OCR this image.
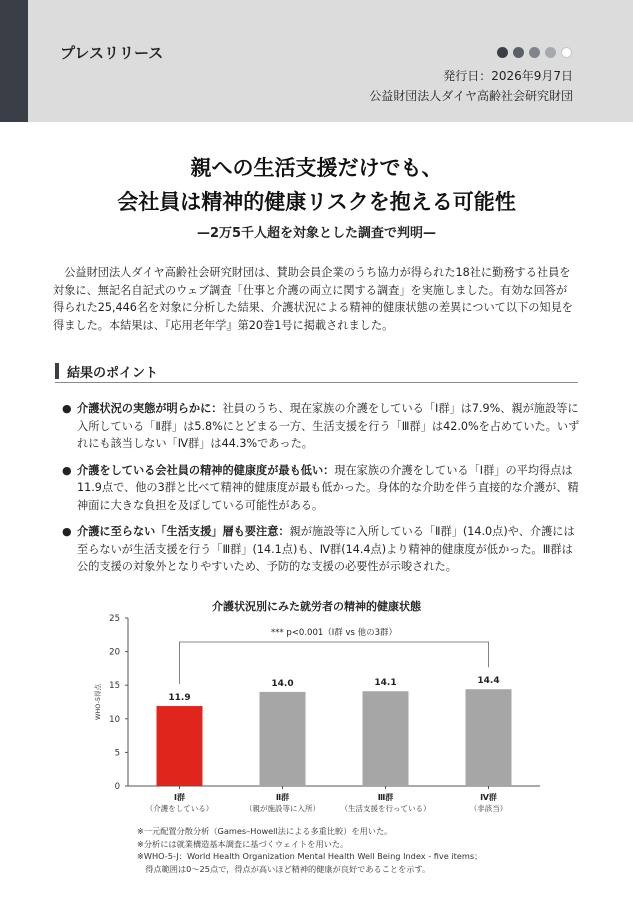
プレスリリース
発行日：2026年9月7日
公益財団法人ダイヤ高齢社会研究財団
親への生活支援だけでも、
会社員は精神的健康リスクを抱える可能性
—2万5千人超を対象とした調査で判明—
公益財団法人ダイヤ高齢社会研究財団は、賛助会員企業のうち協力が得られた18社に勤務する社員を対象に、無記名自記式のウェブ調査「仕事と介護の両立に関する調査」を実施しました。有効な回答が得られた25,446名を対象に分析した結果、介護状況による精神的健康状態の差異について以下の知見を得ました。本結果は、『応用老年学』第20巻1号に掲載されました。
結果のポイント
● 介護状況の実態が明らかに：社員のうち、現在家族の介護をしている「Ⅰ群」は7.9%、親が施設等に入所している「Ⅱ群」は5.8%にとどまる一方、生活支援を行う「Ⅲ群」は42.0%を占めていた。いずれにも該当しない「Ⅳ群」は44.3%であった。
● 介護をしている会社員の精神的健康度が最も低い：現在家族の介護をしている「Ⅰ群」の平均得点は11.9点で、他の3群と比べて精神的健康度が最も低かった。身体的な介助を伴う直接的な介護が、精神面に大きな負担を及ぼしている可能性がある。
● 介護に至らない「生活支援」層も要注意：親が施設等に入所している「Ⅱ群」(14.0点)や、介護には至らないが生活支援を行う「Ⅲ群」(14.1点)も、Ⅳ群(14.4点)より精神的健康度が低かった。Ⅲ群は公的支援の対象外となりやすいため、予防的な支援の必要性が示唆された。
介護状況別にみた就労者の精神的健康状態
0
5
10
15
20
25
WHO-5得点	11.9
Ⅰ群
（介護をしている）
14.0
Ⅱ群
（親が施設等に入所）
14.1
Ⅲ群
（生活支援を行っている）
14.4
Ⅳ群
（非該当）
*** p<0.001（Ⅰ群 vs 他の3群）
※一元配置分散分析（Games–Howell法による多重比較）を用いた。
※分析には就業構造基本調査に基づくウェイトを用いた。
※WHO-5-J：World Health Organization Mental Health Well Being Index - five items；
　得点範囲は0〜25点で，得点が高いほど精神的健康が良好であることを示す。
